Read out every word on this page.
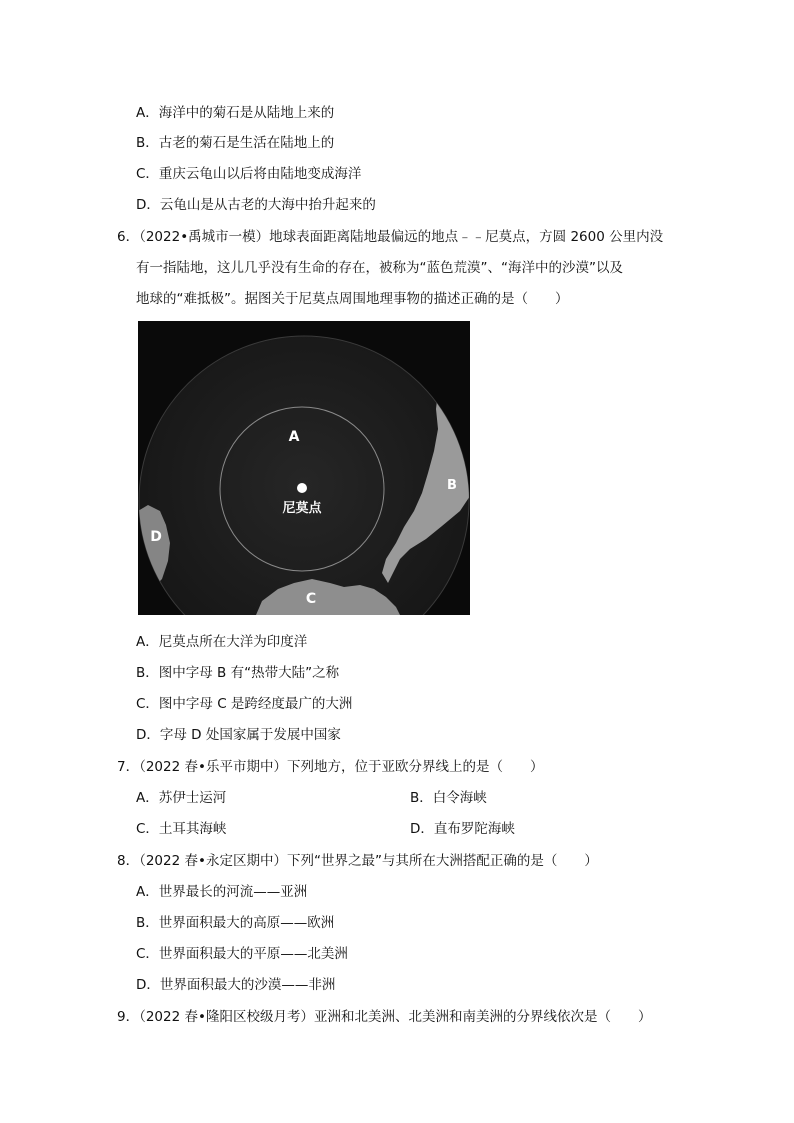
A．海洋中的菊石是从陆地上来的
B．古老的菊石是生活在陆地上的
C．重庆云龟山以后将由陆地变成海洋
D．云龟山是从古老的大海中抬升起来的
6．（2022•禹城市一模）地球表面距离陆地最偏远的地点﹣﹣尼莫点，方圆 2600 公里内没
有一指陆地，这儿几乎没有生命的存在，被称为“蓝色荒漠”、“海洋中的沙漠”以及
地球的“难抵极”。据图关于尼莫点周围地理事物的描述正确的是（　　）
尼莫点
A
B
C
D
A．尼莫点所在大洋为印度洋
B．图中字母 B 有“热带大陆”之称
C．图中字母 C 是跨经度最广的大洲
D．字母 D 处国家属于发展中国家
7．（2022 春•乐平市期中）下列地方，位于亚欧分界线上的是（　　）
A．苏伊士运河	B．白令海峡
C．土耳其海峡	D．直布罗陀海峡
8．（2022 春•永定区期中）下列“世界之最”与其所在大洲搭配正确的是（　　）
A．世界最长的河流——亚洲
B．世界面积最大的高原——欧洲
C．世界面积最大的平原——北美洲
D．世界面积最大的沙漠——非洲
9．（2022 春•隆阳区校级月考）亚洲和北美洲、北美洲和南美洲的分界线依次是（　　）
